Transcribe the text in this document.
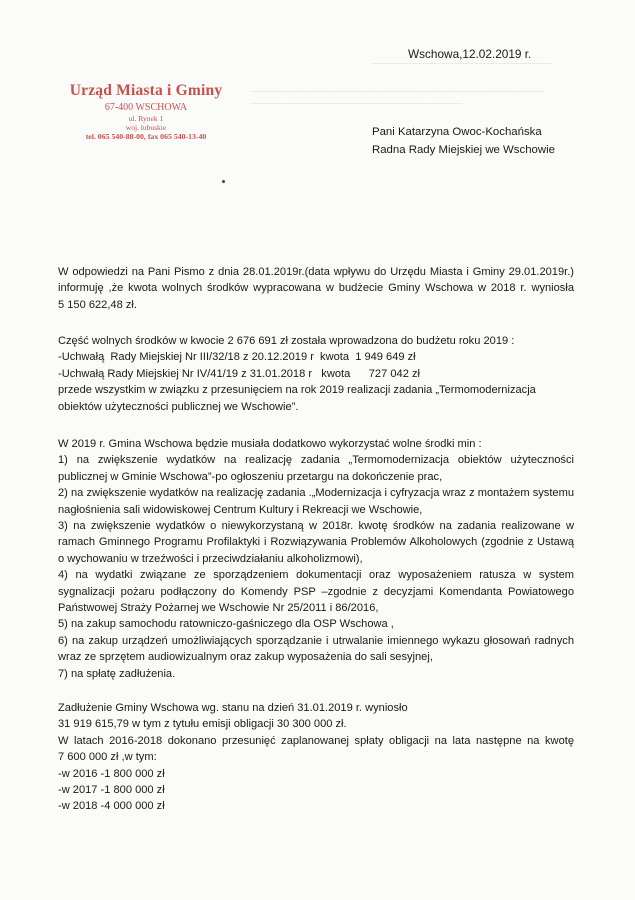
~~~~~~~~~~~~~~~~~~~~~~~~~~~~~~~~~~~~~~~~~~~~
~~~~~~~~~~~~~~~~~~~~~~~~~~~~~~~~~~~~~~~~~~~~~~~~~~~~~~~~~~~~~~~~~~~~~~~~
~~~~~~~~~~~~~~~~~~~~~~~~~~~~~~~~~~~~~~~~~~~~~~~~~~~~
Urząd Miasta i Gminy
67-400 WSCHOWA
ul. Rynek 1
woj. lubuskie
tel. 065 540-88-00, fax 065 540-13-40
Wschowa,12.02.2019 r.
Pani Katarzyna Owoc-Kochańska
Radna Rady Miejskiej we Wschowie
W odpowiedzi na Pani Pismo z dnia 28.01.2019r.(data wpływu do Urzędu Miasta i Gminy 29.01.2019r.)
informuję ,że kwota wolnych środków wypracowana w budżecie Gminy Wschowa w 2018 r. wyniosła
5 150 622,48 zł.
Część wolnych środków w kwocie 2 676 691 zł została wprowadzona do budżetu roku 2019 :
-Uchwałą  Rady Miejskiej Nr III/32/18 z 20.12.2019 r  kwota  1 949 649 zł
-Uchwałą Rady Miejskiej Nr IV/41/19 z 31.01.2018 r   kwota      727 042 zł
przede wszystkim w związku z przesunięciem na rok 2019 realizacji zadania „Termomodernizacja
obiektów użyteczności publicznej we Wschowie”.
W 2019 r. Gmina Wschowa będzie musiała dodatkowo wykorzystać wolne środki min :
1) na zwiększenie wydatków na realizację zadania „Termomodernizacja obiektów użyteczności
publicznej w Gminie Wschowa”-po ogłoszeniu przetargu na dokończenie prac,
2) na zwiększenie wydatków na realizację zadania .„Modernizacja i cyfryzacja wraz z montażem systemu
nagłośnienia sali widowiskowej Centrum Kultury i Rekreacji we Wschowie,
3) na zwiększenie wydatków o niewykorzystaną w 2018r. kwotę środków na zadania realizowane w
ramach Gminnego Programu Profilaktyki i Rozwiązywania Problemów Alkoholowych (zgodnie z Ustawą
o wychowaniu w trzeźwości i przeciwdziałaniu alkoholizmowi),
4) na wydatki związane ze sporządzeniem dokumentacji oraz wyposażeniem ratusza w system
sygnalizacji pożaru podłączony do Komendy PSP –zgodnie z decyzjami Komendanta Powiatowego
Państwowej Straży Pożarnej we Wschowie Nr 25/2011 i 86/2016,
5) na zakup samochodu ratowniczo-gaśniczego dla OSP Wschowa ,
6) na zakup urządzeń umożliwiających sporządzanie i utrwalanie imiennego wykazu głosowań radnych
wraz ze sprzętem audiowizualnym oraz zakup wyposażenia do sali sesyjnej,
7) na spłatę zadłużenia.
Zadłużenie Gminy Wschowa wg. stanu na dzień 31.01.2019 r. wyniosło
31 919 615,79 w tym z tytułu emisji obligacji 30 300 000 zł.
W latach 2016-2018 dokonano przesunięć zaplanowanej spłaty obligacji na lata następne na kwotę
7 600 000 zł ,w tym:
-w 2016 -1 800 000 zł
-w 2017 -1 800 000 zł
-w 2018 -4 000 000 zł
